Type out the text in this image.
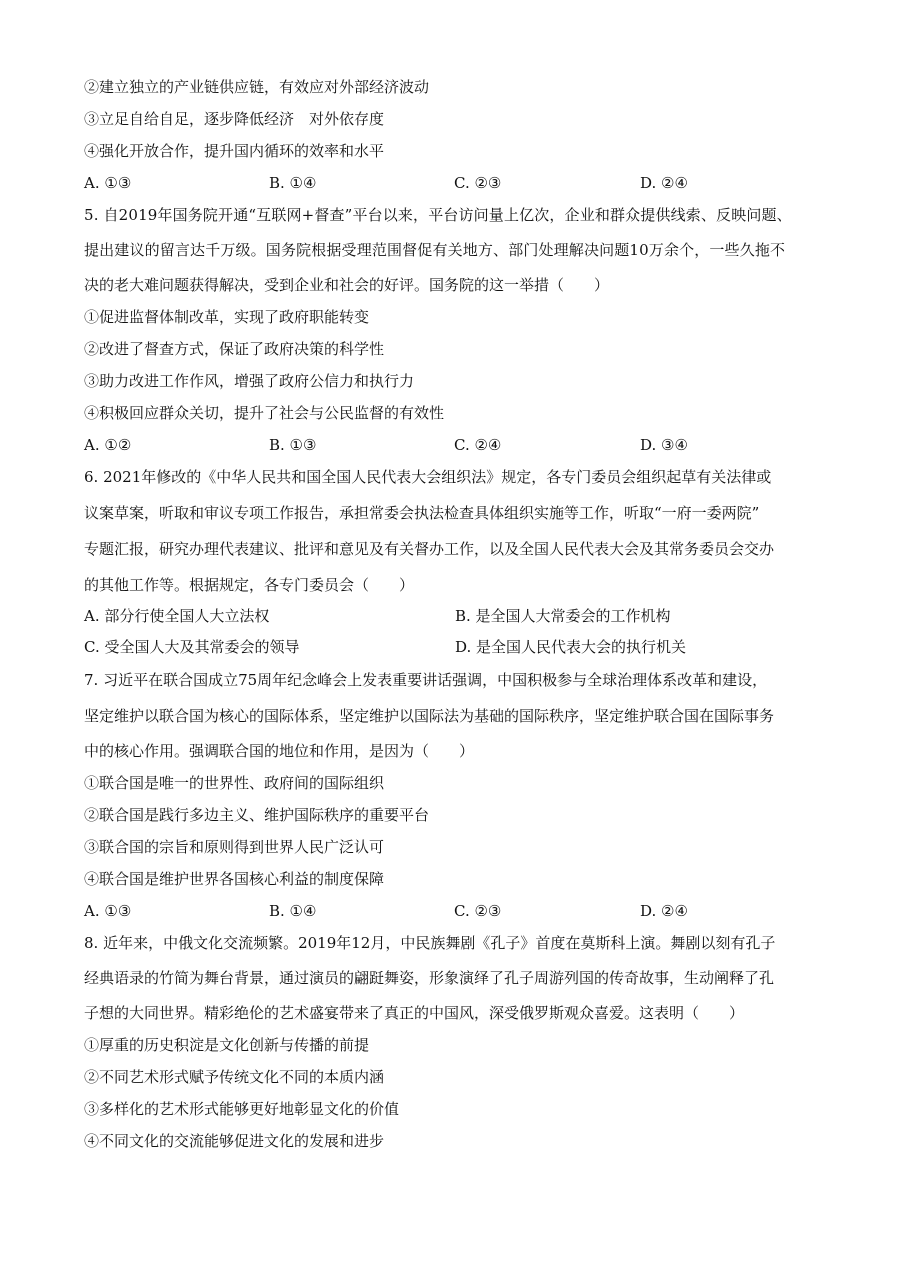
②建立独立的产业链供应链，有效应对外部经济波动
③立足自给自足，逐步降低经济　对外依存度
④强化开放合作，提升国内循环的效率和水平
A. ①③	B. ①④	C. ②③	D. ②④
5. 自2019年国务院开通“互联网+督查”平台以来，平台访问量上亿次，企业和群众提供线索、反映问题、
提出建议的留言达千万级。国务院根据受理范围督促有关地方、部门处理解决问题10万余个，一些久拖不
决的老大难问题获得解决，受到企业和社会的好评。国务院的这一举措（　　）
①促进监督体制改革，实现了政府职能转变
②改进了督查方式，保证了政府决策的科学性
③助力改进工作作风，增强了政府公信力和执行力
④积极回应群众关切，提升了社会与公民监督的有效性
A. ①②	B. ①③	C. ②④	D. ③④
6. 2021年修改的《中华人民共和国全国人民代表大会组织法》规定，各专门委员会组织起草有关法律或
议案草案，听取和审议专项工作报告，承担常委会执法检查具体组织实施等工作，听取“一府一委两院”
专题汇报，研究办理代表建议、批评和意见及有关督办工作，以及全国人民代表大会及其常务委员会交办
的其他工作等。根据规定，各专门委员会（　　）
A. 部分行使全国人大立法权	B. 是全国人大常委会的工作机构
C. 受全国人大及其常委会的领导	D. 是全国人民代表大会的执行机关
7. 习近平在联合国成立75周年纪念峰会上发表重要讲话强调，中国积极参与全球治理体系改革和建设，
坚定维护以联合国为核心的国际体系，坚定维护以国际法为基础的国际秩序，坚定维护联合国在国际事务
中的核心作用。强调联合国的地位和作用，是因为（　　）
①联合国是唯一的世界性、政府间的国际组织
②联合国是践行多边主义、维护国际秩序的重要平台
③联合国的宗旨和原则得到世界人民广泛认可
④联合国是维护世界各国核心利益的制度保障
A. ①③	B. ①④	C. ②③	D. ②④
8. 近年来，中俄文化交流频繁。2019年12月，中民族舞剧《孔子》首度在莫斯科上演。舞剧以刻有孔子
经典语录的竹简为舞台背景，通过演员的翩跹舞姿，形象演绎了孔子周游列国的传奇故事，生动阐释了孔
子想的大同世界。精彩绝伦的艺术盛宴带来了真正的中国风，深受俄罗斯观众喜爱。这表明（　　）
①厚重的历史积淀是文化创新与传播的前提
②不同艺术形式赋予传统文化不同的本质内涵
③多样化的艺术形式能够更好地彰显文化的价值
④不同文化的交流能够促进文化的发展和进步
